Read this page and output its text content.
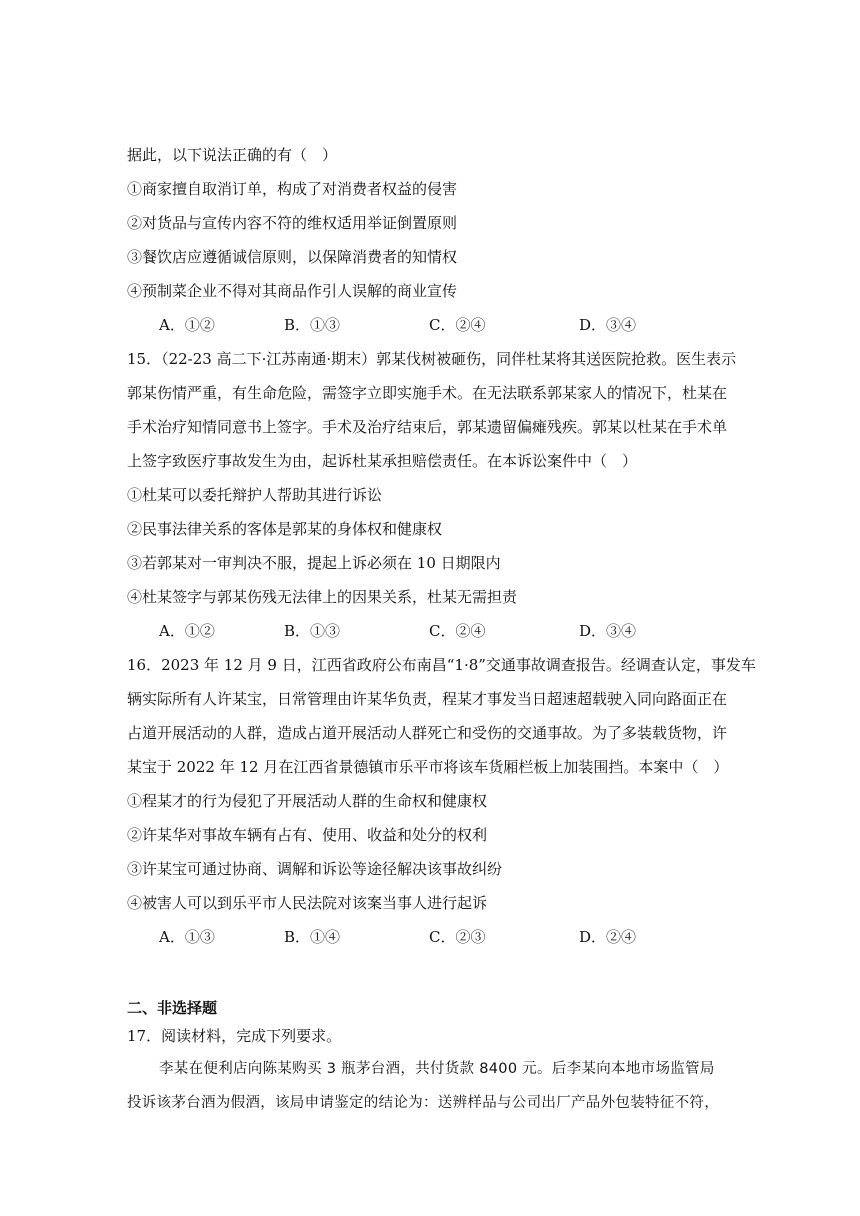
据此，以下说法正确的有（　）
①商家擅自取消订单，构成了对消费者权益的侵害
②对货品与宣传内容不符的维权适用举证倒置原则
③餐饮店应遵循诚信原则，以保障消费者的知情权
④预制菜企业不得对其商品作引人误解的商业宣传
A．①②	B．①③	C．②④	D．③④
15．（22-23 高二下·江苏南通·期末）郭某伐树被砸伤，同伴杜某将其送医院抢救。医生表示
郭某伤情严重，有生命危险，需签字立即实施手术。在无法联系郭某家人的情况下，杜某在
手术治疗知情同意书上签字。手术及治疗结束后，郭某遗留偏瘫残疾。郭某以杜某在手术单
上签字致医疗事故发生为由，起诉杜某承担赔偿责任。在本诉讼案件中（　）
①杜某可以委托辩护人帮助其进行诉讼
②民事法律关系的客体是郭某的身体权和健康权
③若郭某对一审判决不服，提起上诉必须在 10 日期限内
④杜某签字与郭某伤残无法律上的因果关系，杜某无需担责
A．①②	B．①③	C．②④	D．③④
16．2023 年 12 月 9 日，江西省政府公布南昌“1·8”交通事故调查报告。经调查认定，事发车
辆实际所有人许某宝，日常管理由许某华负责，程某才事发当日超速超载驶入同向路面正在
占道开展活动的人群，造成占道开展活动人群死亡和受伤的交通事故。为了多装载货物，许
某宝于 2022 年 12 月在江西省景德镇市乐平市将该车货厢栏板上加装围挡。本案中（　）
①程某才的行为侵犯了开展活动人群的生命权和健康权
②许某华对事故车辆有占有、使用、收益和处分的权利
③许某宝可通过协商、调解和诉讼等途径解决该事故纠纷
④被害人可以到乐平市人民法院对该案当事人进行起诉
A．①③	B．①④	C．②③	D．②④
二、非选择题
17．阅读材料，完成下列要求。
李某在便利店向陈某购买 3 瓶茅台酒，共付货款 8400 元。后李某向本地市场监管局
投诉该茅台酒为假酒，该局申请鉴定的结论为：送辨样品与公司出厂产品外包装特征不符，
